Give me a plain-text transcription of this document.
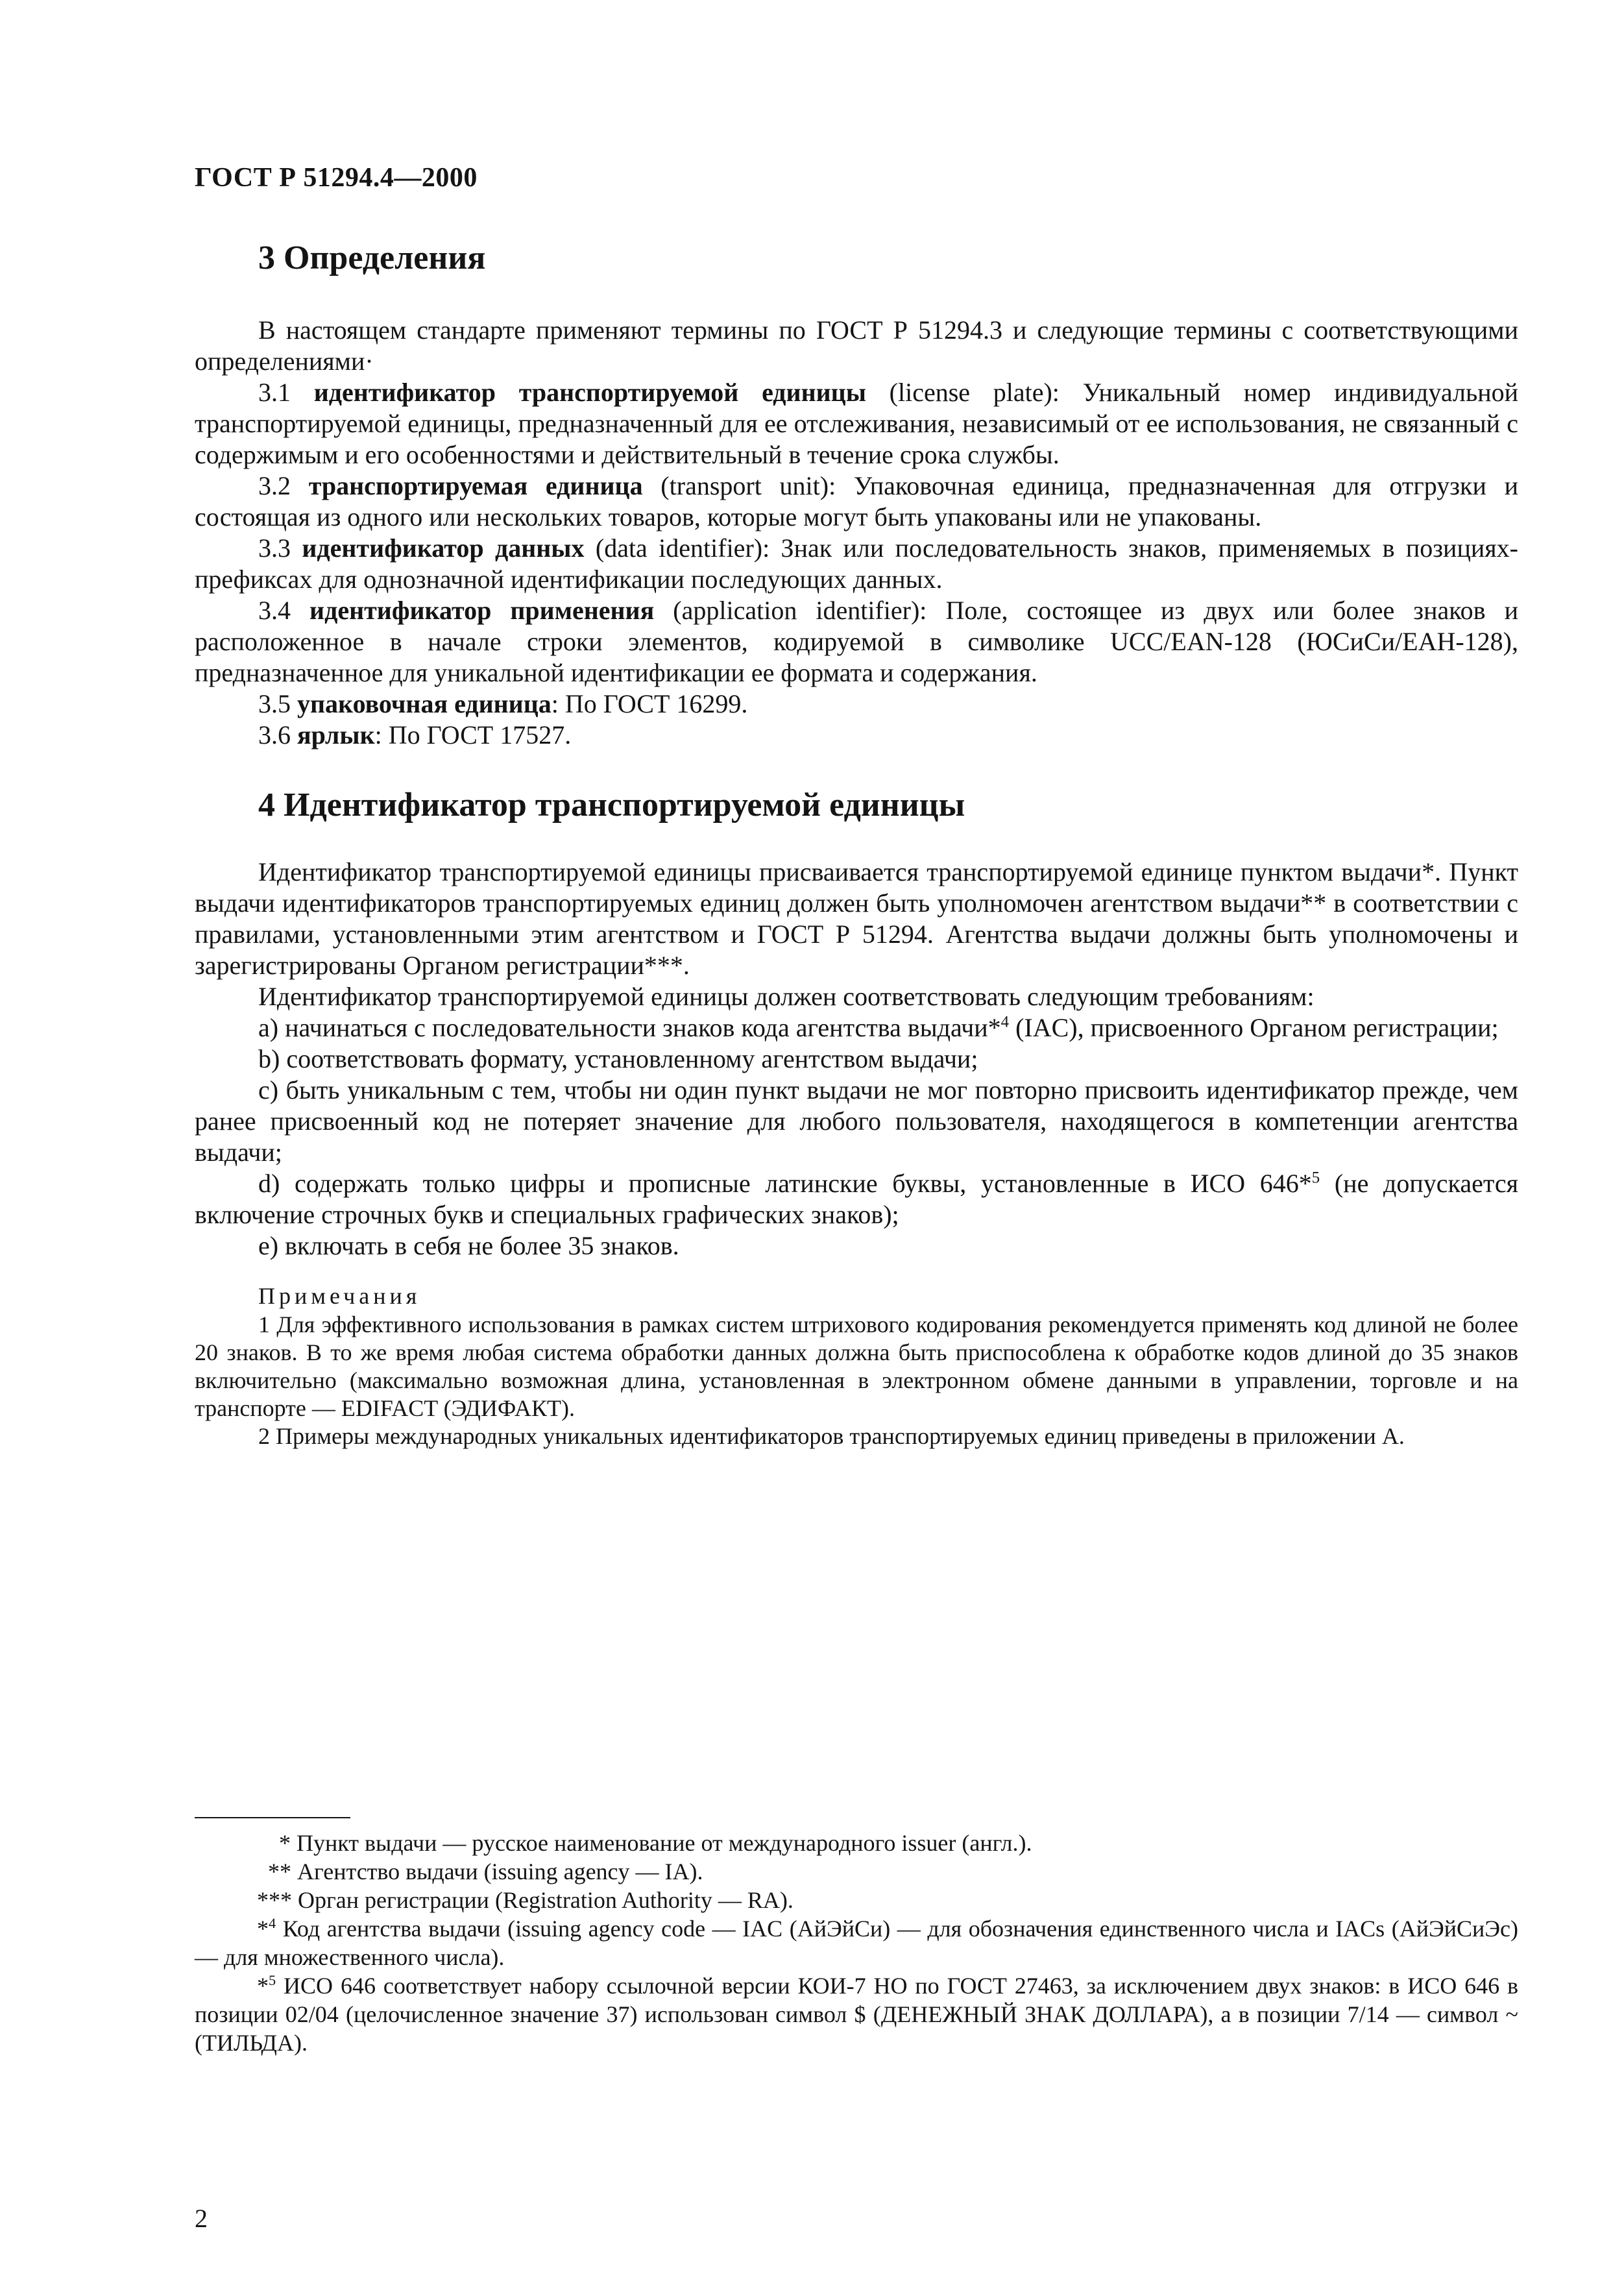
ГОСТ Р 51294.4—2000
3 Определения

В настоящем стандарте применяют термины по ГОСТ Р 51294.3 и следующие термины с соответствующими определениями·

3.1 идентификатор транспортируемой единицы (license plate): Уникальный номер индивидуальной транспортируемой единицы, предназначенный для ее отслеживания, независимый от ее использования, не связанный с содержимым и его особенностями и действительный в течение срока службы.

3.2 транспортируемая единица (transport unit): Упаковочная единица, предназначенная для отгрузки и состоящая из одного или нескольких товаров, которые могут быть упакованы или не упакованы.

3.3 идентификатор данных (data identifier): Знак или последовательность знаков, применяемых в позициях-префиксах для однозначной идентификации последующих данных.

3.4 идентификатор применения (application identifier): Поле, состоящее из двух или более знаков и расположенное в начале строки элементов, кодируемой в символике UCC/EAN-128 (ЮСиСи/ЕАН-128), предназначенное для уникальной идентификации ее формата и содержания.

3.5 упаковочная единица: По ГОСТ 16299.

3.6 ярлык: По ГОСТ 17527.

4 Идентификатор транспортируемой единицы

Идентификатор транспортируемой единицы присваивается транспортируемой единице пунктом выдачи*. Пункт выдачи идентификаторов транспортируемых единиц должен быть уполномочен агентством выдачи** в соответствии с правилами, установленными этим агентством и ГОСТ Р 51294. Агентства выдачи должны быть уполномочены и зарегистрированы Органом регистрации***.

Идентификатор транспортируемой единицы должен соответствовать следующим требованиям:

а) начинаться с последовательности знаков кода агентства выдачи*$^4$ (IAC), присвоенного Органом регистрации;

b) соответствовать формату, установленному агентством выдачи;

с) быть уникальным с тем, чтобы ни один пункт выдачи не мог повторно присвоить идентификатор прежде, чем ранее присвоенный код не потеряет значение для любого пользователя, находящегося в компетенции агентства выдачи;

d) содержать только цифры и прописные латинские буквы, установленные в ИСО 646*$^5$ (не допускается включение строчных букв и специальных графических знаков);

е) включать в себя не более 35 знаков.

Примечания

1 Для эффективного использования в рамках систем штрихового кодирования рекомендуется применять код длиной не более 20 знаков. В то же время любая система обработки данных должна быть приспособлена к обработке кодов длиной до 35 знаков включительно (максимально возможная длина, установленная в электронном обмене данными в управлении, торговле и на транспорте — EDIFACT (ЭДИФАКТ).

2 Примеры международных уникальных идентификаторов транспортируемых единиц приведены в приложении А.

* Пункт выдачи — русское наименование от международного issuer (англ.).

** Агентство выдачи (issuing agency — IA).

*** Орган регистрации (Registration Authority — RA).

*$^4$ Код агентства выдачи (issuing agency code — IAC (АйЭйСи) — для обозначения единственного числа и IACs (АйЭйСиЭс) — для множественного числа).

*$^5$ ИСО 646 соответствует набору ссылочной версии КОИ-7 НО по ГОСТ 27463, за исключением двух знаков: в ИСО 646 в позиции 02/04 (целочисленное значение 37) использован символ $ (ДЕНЕЖНЫЙ ЗНАК ДОЛЛАРА), а в позиции 7/14 — символ ~ (ТИЛЬДА).

2
